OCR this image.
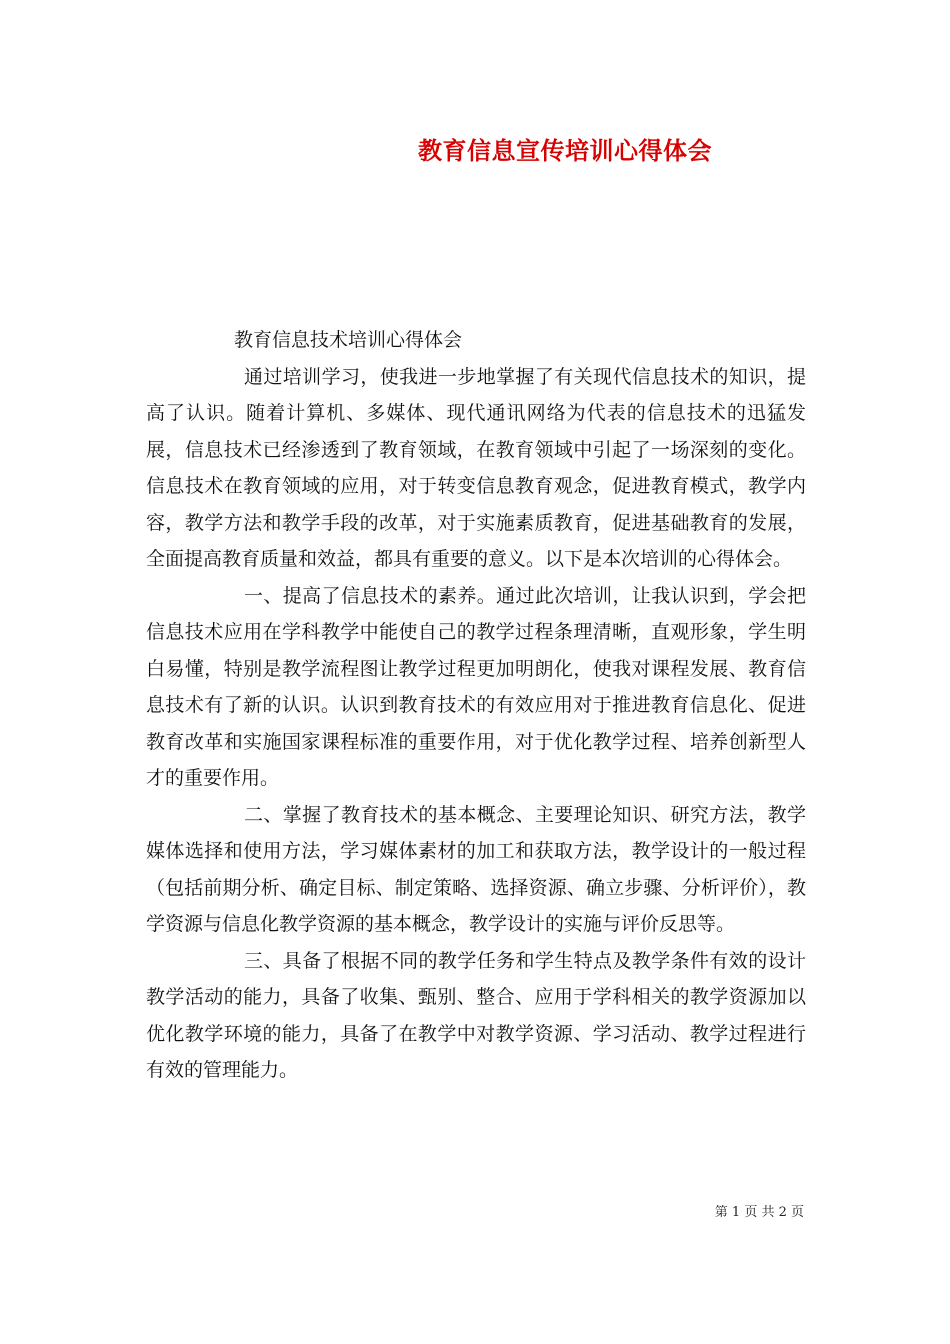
教育信息宣传培训心得体会
教育信息技术培训心得体会

通过培训学习，使我进一步地掌握了有关现代信息技术的知识，提高了认识。随着计算机、多媒体、现代通讯网络为代表的信息技术的迅猛发展，信息技术已经渗透到了教育领域，在教育领域中引起了一场深刻的变化。信息技术在教育领域的应用，对于转变信息教育观念，促进教育模式，教学内容，教学方法和教学手段的改革，对于实施素质教育，促进基础教育的发展，全面提高教育质量和效益，都具有重要的意义。以下是本次培训的心得体会。

一、提高了信息技术的素养。通过此次培训，让我认识到，学会把信息技术应用在学科教学中能使自己的教学过程条理清晰，直观形象，学生明白易懂，特别是教学流程图让教学过程更加明朗化，使我对课程发展、教育信息技术有了新的认识。认识到教育技术的有效应用对于推进教育信息化、促进教育改革和实施国家课程标准的重要作用，对于优化教学过程、培养创新型人才的重要作用。

二、掌握了教育技术的基本概念、主要理论知识、研究方法，教学媒体选择和使用方法，学习媒体素材的加工和获取方法，教学设计的一般过程（包括前期分析、确定目标、制定策略、选择资源、确立步骤、分析评价），教学资源与信息化教学资源的基本概念，教学设计的实施与评价反思等。

三、具备了根据不同的教学任务和学生特点及教学条件有效的设计教学活动的能力，具备了收集、甄别、整合、应用于学科相关的教学资源加以优化教学环境的能力，具备了在教学中对教学资源、学习活动、教学过程进行有效的管理能力。

第 1 页 共 2 页
